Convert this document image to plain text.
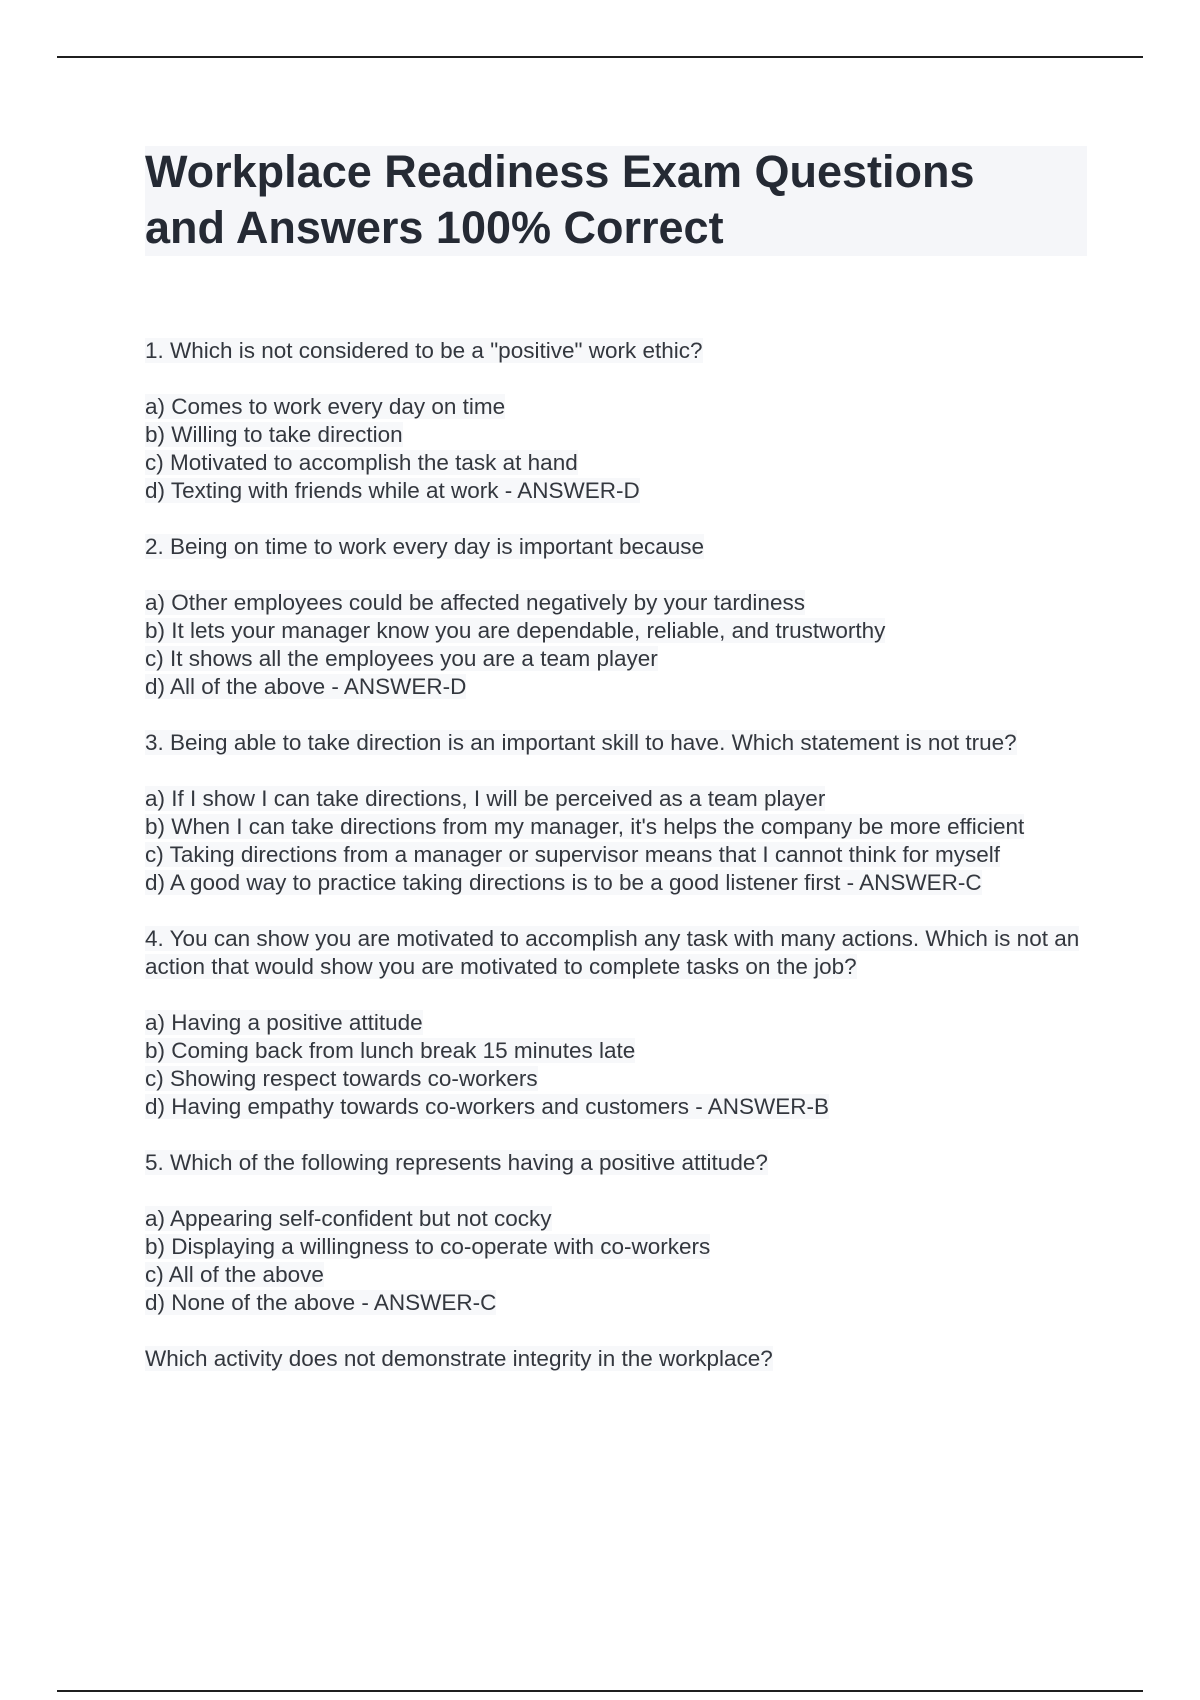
Workplace Readiness Exam Questions
and Answers 100% Correct

1. Which is not considered to be a "positive" work ethic?

a) Comes to work every day on time
b) Willing to take direction
c) Motivated to accomplish the task at hand
d) Texting with friends while at work - ANSWER-D

2. Being on time to work every day is important because

a) Other employees could be affected negatively by your tardiness
b) It lets your manager know you are dependable, reliable, and trustworthy
c) It shows all the employees you are a team player
d) All of the above - ANSWER-D

3. Being able to take direction is an important skill to have. Which statement is not true?

a) If I show I can take directions, I will be perceived as a team player
b) When I can take directions from my manager, it's helps the company be more efficient
c) Taking directions from a manager or supervisor means that I cannot think for myself
d) A good way to practice taking directions is to be a good listener first - ANSWER-C

4. You can show you are motivated to accomplish any task with many actions. Which is not an action that would show you are motivated to complete tasks on the job?

a) Having a positive attitude
b) Coming back from lunch break 15 minutes late
c) Showing respect towards co-workers
d) Having empathy towards co-workers and customers - ANSWER-B

5. Which of the following represents having a positive attitude?

a) Appearing self-confident but not cocky
b) Displaying a willingness to co-operate with co-workers
c) All of the above
d) None of the above - ANSWER-C

Which activity does not demonstrate integrity in the workplace?
